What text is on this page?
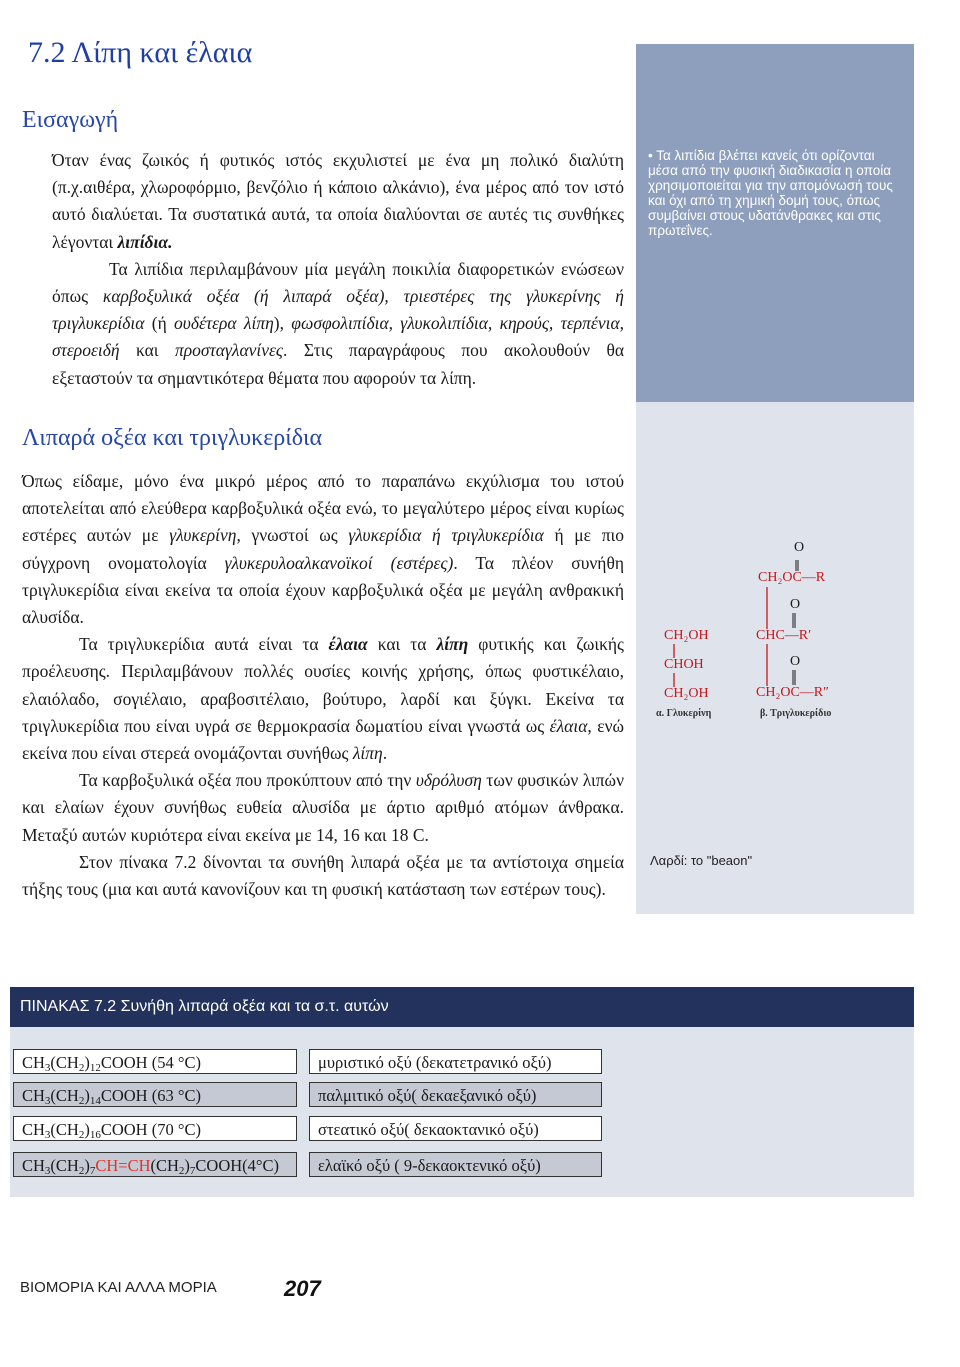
• Τα λιπίδια βλέπει κανείς ότι ορίζονται μέσα από την φυσική διαδικασία η οποία χρησιμοποιείται για την απομόνωσή τους και όχι από τη χημική δομή τους, όπως συμβαίνει στους υδατάνθρακες και στις πρωτεΐνες.
7.2 Λίπη και έλαια
Εισαγωγή

Όταν ένας ζωικός ή φυτικός ιστός εκχυλιστεί με ένα μη πολικό διαλύτη (π.χ.αιθέρα, χλωροφόρμιο, βενζόλιο ή κάποιο αλκάνιο), ένα μέρος από τον ιστό αυτό διαλύεται. Τα συστατικά αυτά, τα οποία διαλύονται σε αυτές τις συνθήκες λέγονται λιπίδια.

Τα λιπίδια περιλαμβάνουν μία μεγάλη ποικιλία διαφορετικών ενώσεων όπως καρβοξυλικά οξέα (ή λιπαρά οξέα), τριεστέρες της γλυκερίνης ή τριγλυκερίδια (ή ουδέτερα λίπη), φωσφολιπίδια, γλυκολιπίδια, κηρούς, τερπένια, στεροειδή και προσταγλανίνες. Στις παραγράφους που ακολουθούν θα εξεταστούν τα σημαντικότερα θέματα που αφορούν τα λίπη.

Λιπαρά οξέα και τριγλυκερίδια

Όπως είδαμε, μόνο ένα μικρό μέρος από το παραπάνω εκχύλισμα του ιστού αποτελείται από ελεύθερα καρβοξυλικά οξέα ενώ, το μεγαλύτερο μέρος είναι κυρίως εστέρες αυτών με γλυκερίνη, γνωστοί ως γλυκερίδια ή τριγλυκερίδια ή με πιο σύγχρονη ονοματολογία γλυκερυλοαλκανοϊκοί (εστέρες). Τα πλέον συνήθη τριγλυκερίδια είναι εκείνα τα οποία έχουν καρβοξυλικά οξέα με μεγάλη ανθρακική αλυσίδα.

Τα τριγλυκερίδια αυτά είναι τα έλαια και τα λίπη φυτικής και ζωικής προέλευσης. Περιλαμβάνουν πολλές ουσίες κοινής χρήσης, όπως φυστικέλαιο, ελαιόλαδο, σογιέλαιο, αραβοσιτέλαιο, βούτυρο, λαρδί και ξύγκι. Εκείνα τα τριγλυκερίδια που είναι υγρά σε θερμοκρασία δωματίου είναι γνωστά ως έλαια, ενώ εκείνα που είναι στερεά ονομάζονται συνήθως λίπη.

Τα καρβοξυλικά οξέα που προκύπτουν από την υδρόλυση των φυσικών λιπών και ελαίων έχουν συνήθως ευθεία αλυσίδα με άρτιο αριθμό ατόμων άνθρακα. Μεταξύ αυτών κυριότερα είναι εκείνα με 14, 16 και 18 C.

Στον πίνακα 7.2 δίνονται τα συνήθη λιπαρά οξέα με τα αντίστοιχα σημεία τήξης τους (μια και αυτά κανονίζουν και τη φυσική κατάσταση των εστέρων τους).

O
CH₂OC—R
O
CHC—R′
O
CH₂OC—R″
CH₂OH
CHOH
CH₂OH
α. Γλυκερίνη	β. Τριγλυκερίδιο
Λαρδί: το "beaon"
ΠΙΝΑΚΑΣ 7.2 Συνήθη λιπαρά οξέα και τα σ.τ. αυτών
$CH_3(CH_2)_{12}COOH$ (54 °C)	μυριστικό οξύ (δεκατετρανικό οξύ)
$CH_3(CH_2)_{14}COOH$ (63 °C)	παλμιτικό οξύ( δεκαεξανικό οξύ)
$CH_3(CH_2)_{16}COOH$ (70 °C)	στεατικό οξύ( δεκαοκτανικό οξύ)
$CH_3(CH_2)_7CH=CH(CH_2)_7COOH(4^\circ C)$	ελαϊκό οξύ ( 9-δεκαοκτενικό οξύ)
ΒΙΟΜΟΡΙΑ ΚΑΙ ΑΛΛΑ ΜΟΡΙΑ	207
